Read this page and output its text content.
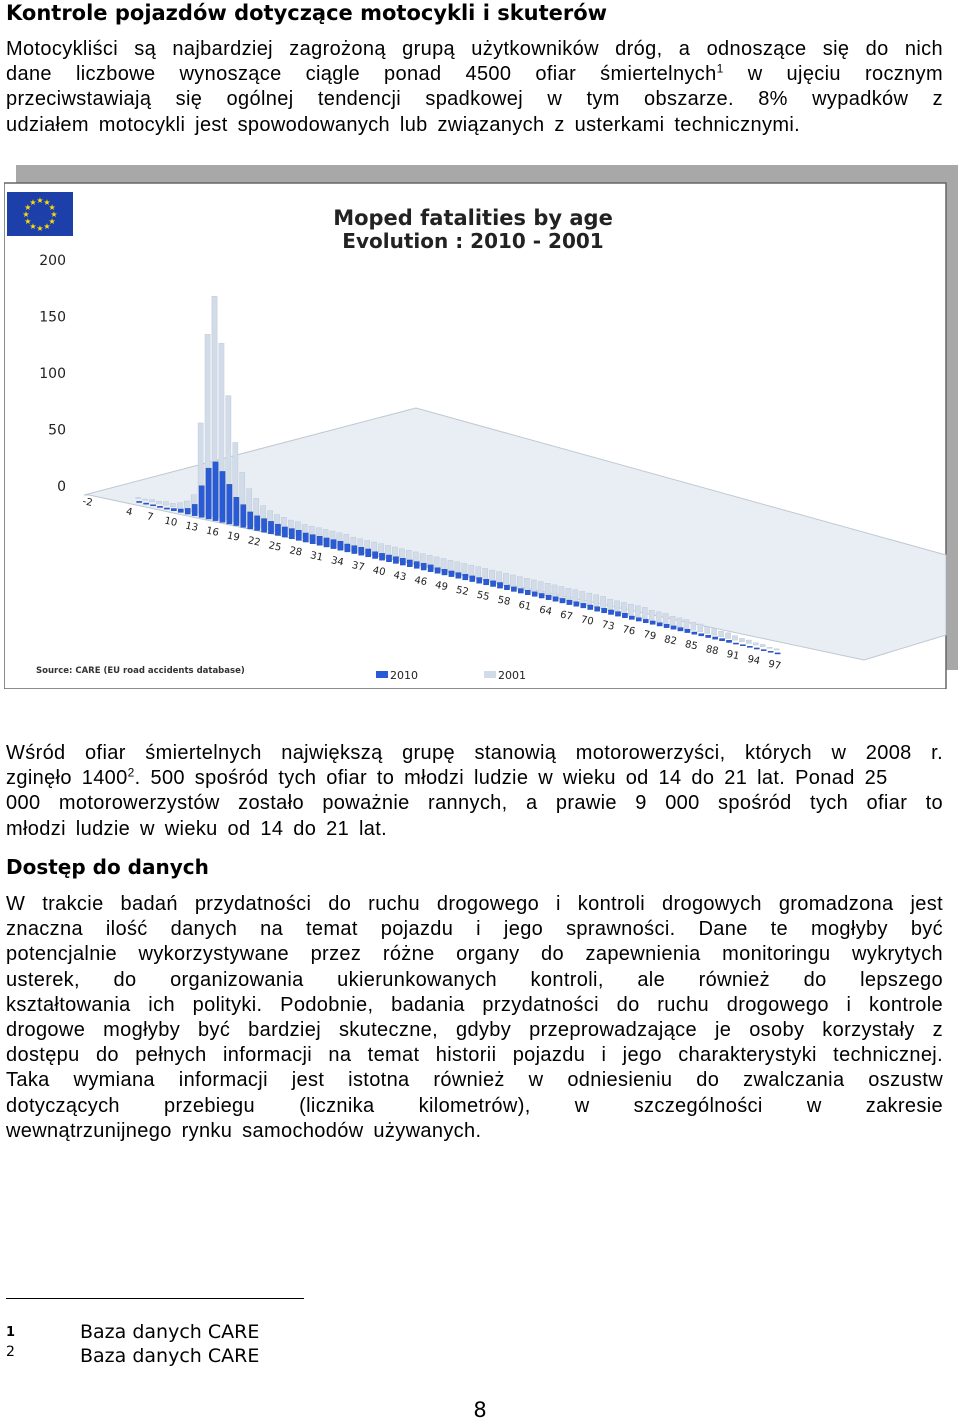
Kontrole pojazdów dotyczące motocykli i skuterów
Motocykliści są najbardziej zagrożoną grupą użytkowników dróg, a odnoszące się do nich
dane liczbowe wynoszące ciągle ponad 4500 ofiar śmiertelnych$^1$ w ujęciu rocznym
przeciwstawiają się ogólnej tendencji spadkowej w tym obszarze. 8% wypadków z
udziałem motocykli jest spowodowanych lub związanych z usterkami technicznymi.
★ ★
★
★
★
★
★
★
★
★
★
★
Moped fatalities by age
Evolution : 2010 - 2001
200
150
100
50
0
-2
4 7 10 13 16 19 22 25 28 31 34 37 40 43 46 49 52 55 58 61 64 67 70 73 76 79 82 85 88 91 94 97
Source: CARE (EU road accidents database)	2010	2001
Wśród ofiar śmiertelnych największą grupę stanowią motorowerzyści, których w 2008 r.
zginęło 1400$^2$. 500 spośród tych ofiar to młodzi ludzie w wieku od 14 do 21 lat. Ponad 25
000 motorowerzystów zostało poważnie rannych, a prawie 9 000 spośród tych ofiar to
młodzi ludzie w wieku od 14 do 21 lat.
Dostęp do danych
W trakcie badań przydatności do ruchu drogowego i kontroli drogowych gromadzona jest
znaczna ilość danych na temat pojazdu i jego sprawności. Dane te mogłyby być
potencjalnie wykorzystywane przez różne organy do zapewnienia monitoringu wykrytych
usterek, do organizowania ukierunkowanych kontroli, ale również do lepszego
kształtowania ich polityki. Podobnie, badania przydatności do ruchu drogowego i kontrole
drogowe mogłyby być bardziej skuteczne, gdyby przeprowadzające je osoby korzystały z
dostępu do pełnych informacji na temat historii pojazdu i jego charakterystyki technicznej.
Taka wymiana informacji jest istotna również w odniesieniu do zwalczania oszustw
dotyczących przebiegu (licznika kilometrów), w szczególności w zakresie
wewnątrzunijnego rynku samochodów używanych.
1	Baza danych CARE
2	Baza danych CARE
8
